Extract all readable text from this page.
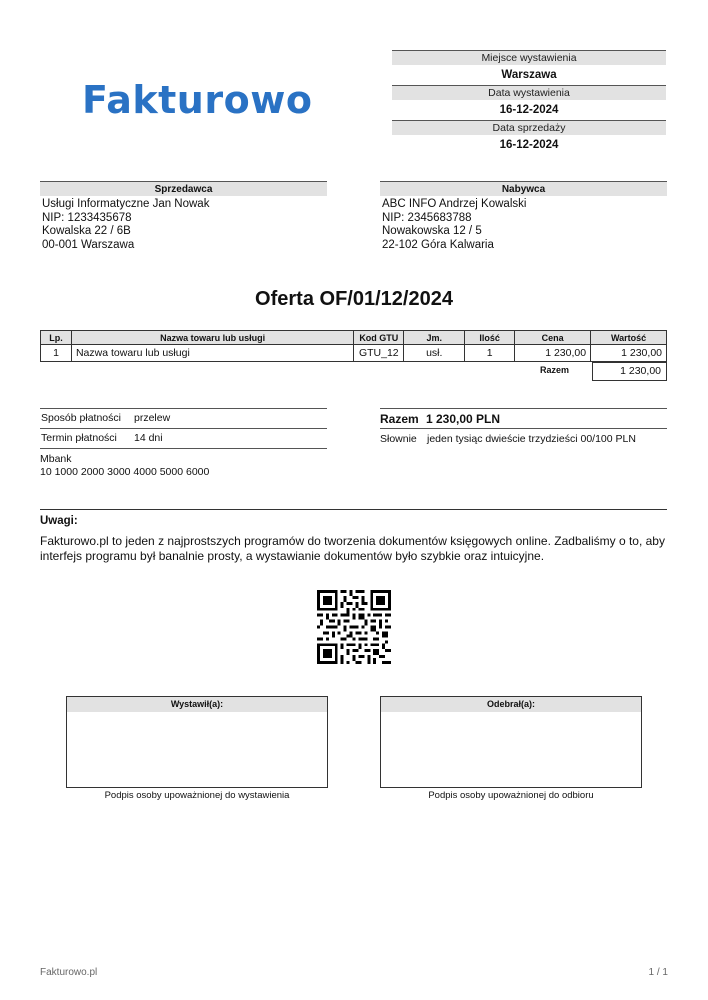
Fakturowo
Miejsce wystawienia
Warszawa
Data wystawienia
16-12-2024
Data sprzedaży
16-12-2024
Sprzedawca
Usługi Informatyczne Jan Nowak
NIP: 1233435678
Kowalska 22 / 6B
00-001 Warszawa
Nabywca
ABC INFO Andrzej Kowalski
NIP: 2345683788
Nowakowska 12 / 5
22-102 Góra Kalwaria
Oferta OF/01/12/2024
Lp.	Nazwa towaru lub usługi	Kod GTU	Jm.	Ilość	Cena	Wartość
1	Nazwa towaru lub usługi	GTU_12	usł.	1	1 230,00	1 230,00
Razem	1 230,00
Sposób płatności	przelew
Termin płatności	14 dni
Mbank
10 1000 2000 3000 4000 5000 6000
Razem 1 230,00 PLN
Słownie jeden tysiąc dwieście trzydzieści 00/100 PLN
Uwagi:
Fakturowo.pl to jeden z najprostszych programów do tworzenia dokumentów księgowych online. Zadbaliśmy o to, aby interfejs programu był banalnie prosty, a wystawianie dokumentów było szybkie oraz intuicyjne.
Wystawił(a):
Podpis osoby upoważnionej do wystawienia
Odebrał(a):
Podpis osoby upoważnionej do odbioru
Fakturowo.pl	1 / 1
